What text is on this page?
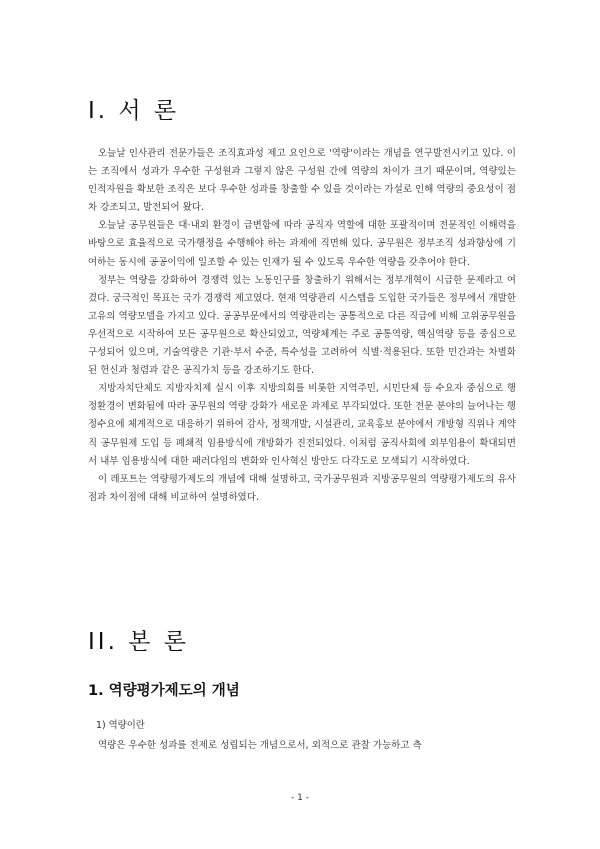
I. 서 론

오늘날 인사관리 전문가들은 조직효과성 제고 요인으로 '역량'이라는 개념을 연구발전시키고 있다. 이는 조직에서 성과가 우수한 구성원과 그렇지 않은 구성원 간에 역량의 차이가 크기 때문이며, 역량있는 인적자원을 확보한 조직은 보다 우수한 성과를 창출할 수 있을 것이라는 가설로 인해 역량의 중요성이 점차 강조되고, 발전되어 왔다.

오늘날 공무원들은 대·내외 환경이 급변함에 따라 공직자 역할에 대한 포괄적이며 전문적인 이해력을 바탕으로 효율적으로 국가행정을 수행해야 하는 과제에 직면해 있다. 공무원은 정부조직 성과향상에 기여하는 동시에 공공이익에 일조할 수 있는 인재가 될 수 있도록 우수한 역량을 갖추어야 한다.

정부는 역량을 강화하여 경쟁력 있는 노동인구를 창출하기 위해서는 정부개혁이 시급한 문제라고 여겼다. 궁극적인 목표는 국가 경쟁력 제고였다. 현재 역량관리 시스템을 도입한 국가들은 정부에서 개발한 고유의 역량모델을 가지고 있다. 공공부문에서의 역량관리는 공통적으로 다른 직급에 비해 고위공무원을 우선적으로 시작하여 모든 공무원으로 확산되었고, 역량체계는 주로 공통역량, 핵심역량 등을 중심으로 구성되어 있으며, 기술역량은 기관·부서 수준, 특수성을 고려하여 식별·적용된다. 또한 민간과는 차별화된 헌신과 청렴과 같은 공직가치 등을 강조하기도 한다.

지방자치단체도 지방자치제 실시 이후 지방의회를 비롯한 지역주민, 시민단체 등 수요자 중심으로 행정환경이 변화됨에 따라 공무원의 역량 강화가 새로운 과제로 부각되었다. 또한 전문 분야의 늘어나는 행정수요에 체계적으로 대응하기 위하여 감사, 정책개발, 시설관리, 교육홍보 분야에서 개방형 직위나 계약직 공무원제 도입 등 폐쇄적 임용방식에 개방화가 진전되었다. 이처럼 공직사회에 외부임용이 확대되면서 내부 임용방식에 대한 패러다임의 변화와 인사혁신 방안도 다각도로 모색되기 시작하였다.

이 레포트는 역량평가제도의 개념에 대해 설명하고, 국가공무원과 지방공무원의 역량평가제도의 유사점과 차이점에 대해 비교하여 설명하였다.

II. 본 론
1. 역량평가제도의 개념
1) 역량이란

역량은 우수한 성과를 전제로 성립되는 개념으로서, 외적으로 관찰 가능하고 측

- 1 -
